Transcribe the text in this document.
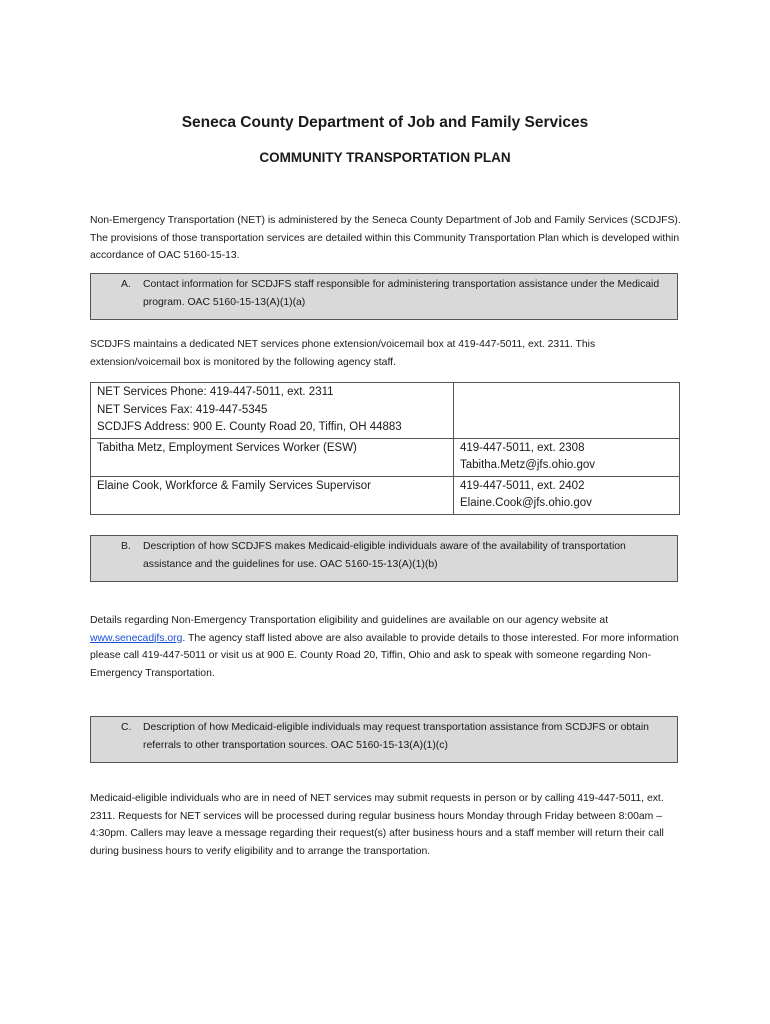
Seneca County Department of Job and Family Services
COMMUNITY TRANSPORTATION PLAN
Non-Emergency Transportation (NET) is administered by the Seneca County Department of Job and Family Services (SCDJFS). The provisions of those transportation services are detailed within this Community Transportation Plan which is developed within accordance of OAC 5160-15-13.
A. Contact information for SCDJFS staff responsible for administering transportation assistance under the Medicaid program. OAC 5160-15-13(A)(1)(a)
SCDJFS maintains a dedicated NET services phone extension/voicemail box at 419-447-5011, ext. 2311. This extension/voicemail box is monitored by the following agency staff.
NET Services Phone: 419-447-5011, ext. 2311
NET Services Fax: 419-447-5345
SCDJFS Address: 900 E. County Road 20, Tiffin, OH 44883	

Tabitha Metz, Employment Services Worker (ESW)	419-447-5011, ext. 2308
Tabitha.Metz@jfs.ohio.gov

Elaine Cook, Workforce & Family Services Supervisor	419-447-5011, ext. 2402
Elaine.Cook@jfs.ohio.gov
B. Description of how SCDJFS makes Medicaid-eligible individuals aware of the availability of transportation assistance and the guidelines for use. OAC 5160-15-13(A)(1)(b)
Details regarding Non-Emergency Transportation eligibility and guidelines are available on our agency website at www.senecadjfs.org. The agency staff listed above are also available to provide details to those interested. For more information please call 419-447-5011 or visit us at 900 E. County Road 20, Tiffin, Ohio and ask to speak with someone regarding Non-Emergency Transportation.
C. Description of how Medicaid-eligible individuals may request transportation assistance from SCDJFS or obtain referrals to other transportation sources. OAC 5160-15-13(A)(1)(c)
Medicaid-eligible individuals who are in need of NET services may submit requests in person or by calling 419-447-5011, ext. 2311. Requests for NET services will be processed during regular business hours Monday through Friday between 8:00am – 4:30pm. Callers may leave a message regarding their request(s) after business hours and a staff member will return their call during business hours to verify eligibility and to arrange the transportation.
